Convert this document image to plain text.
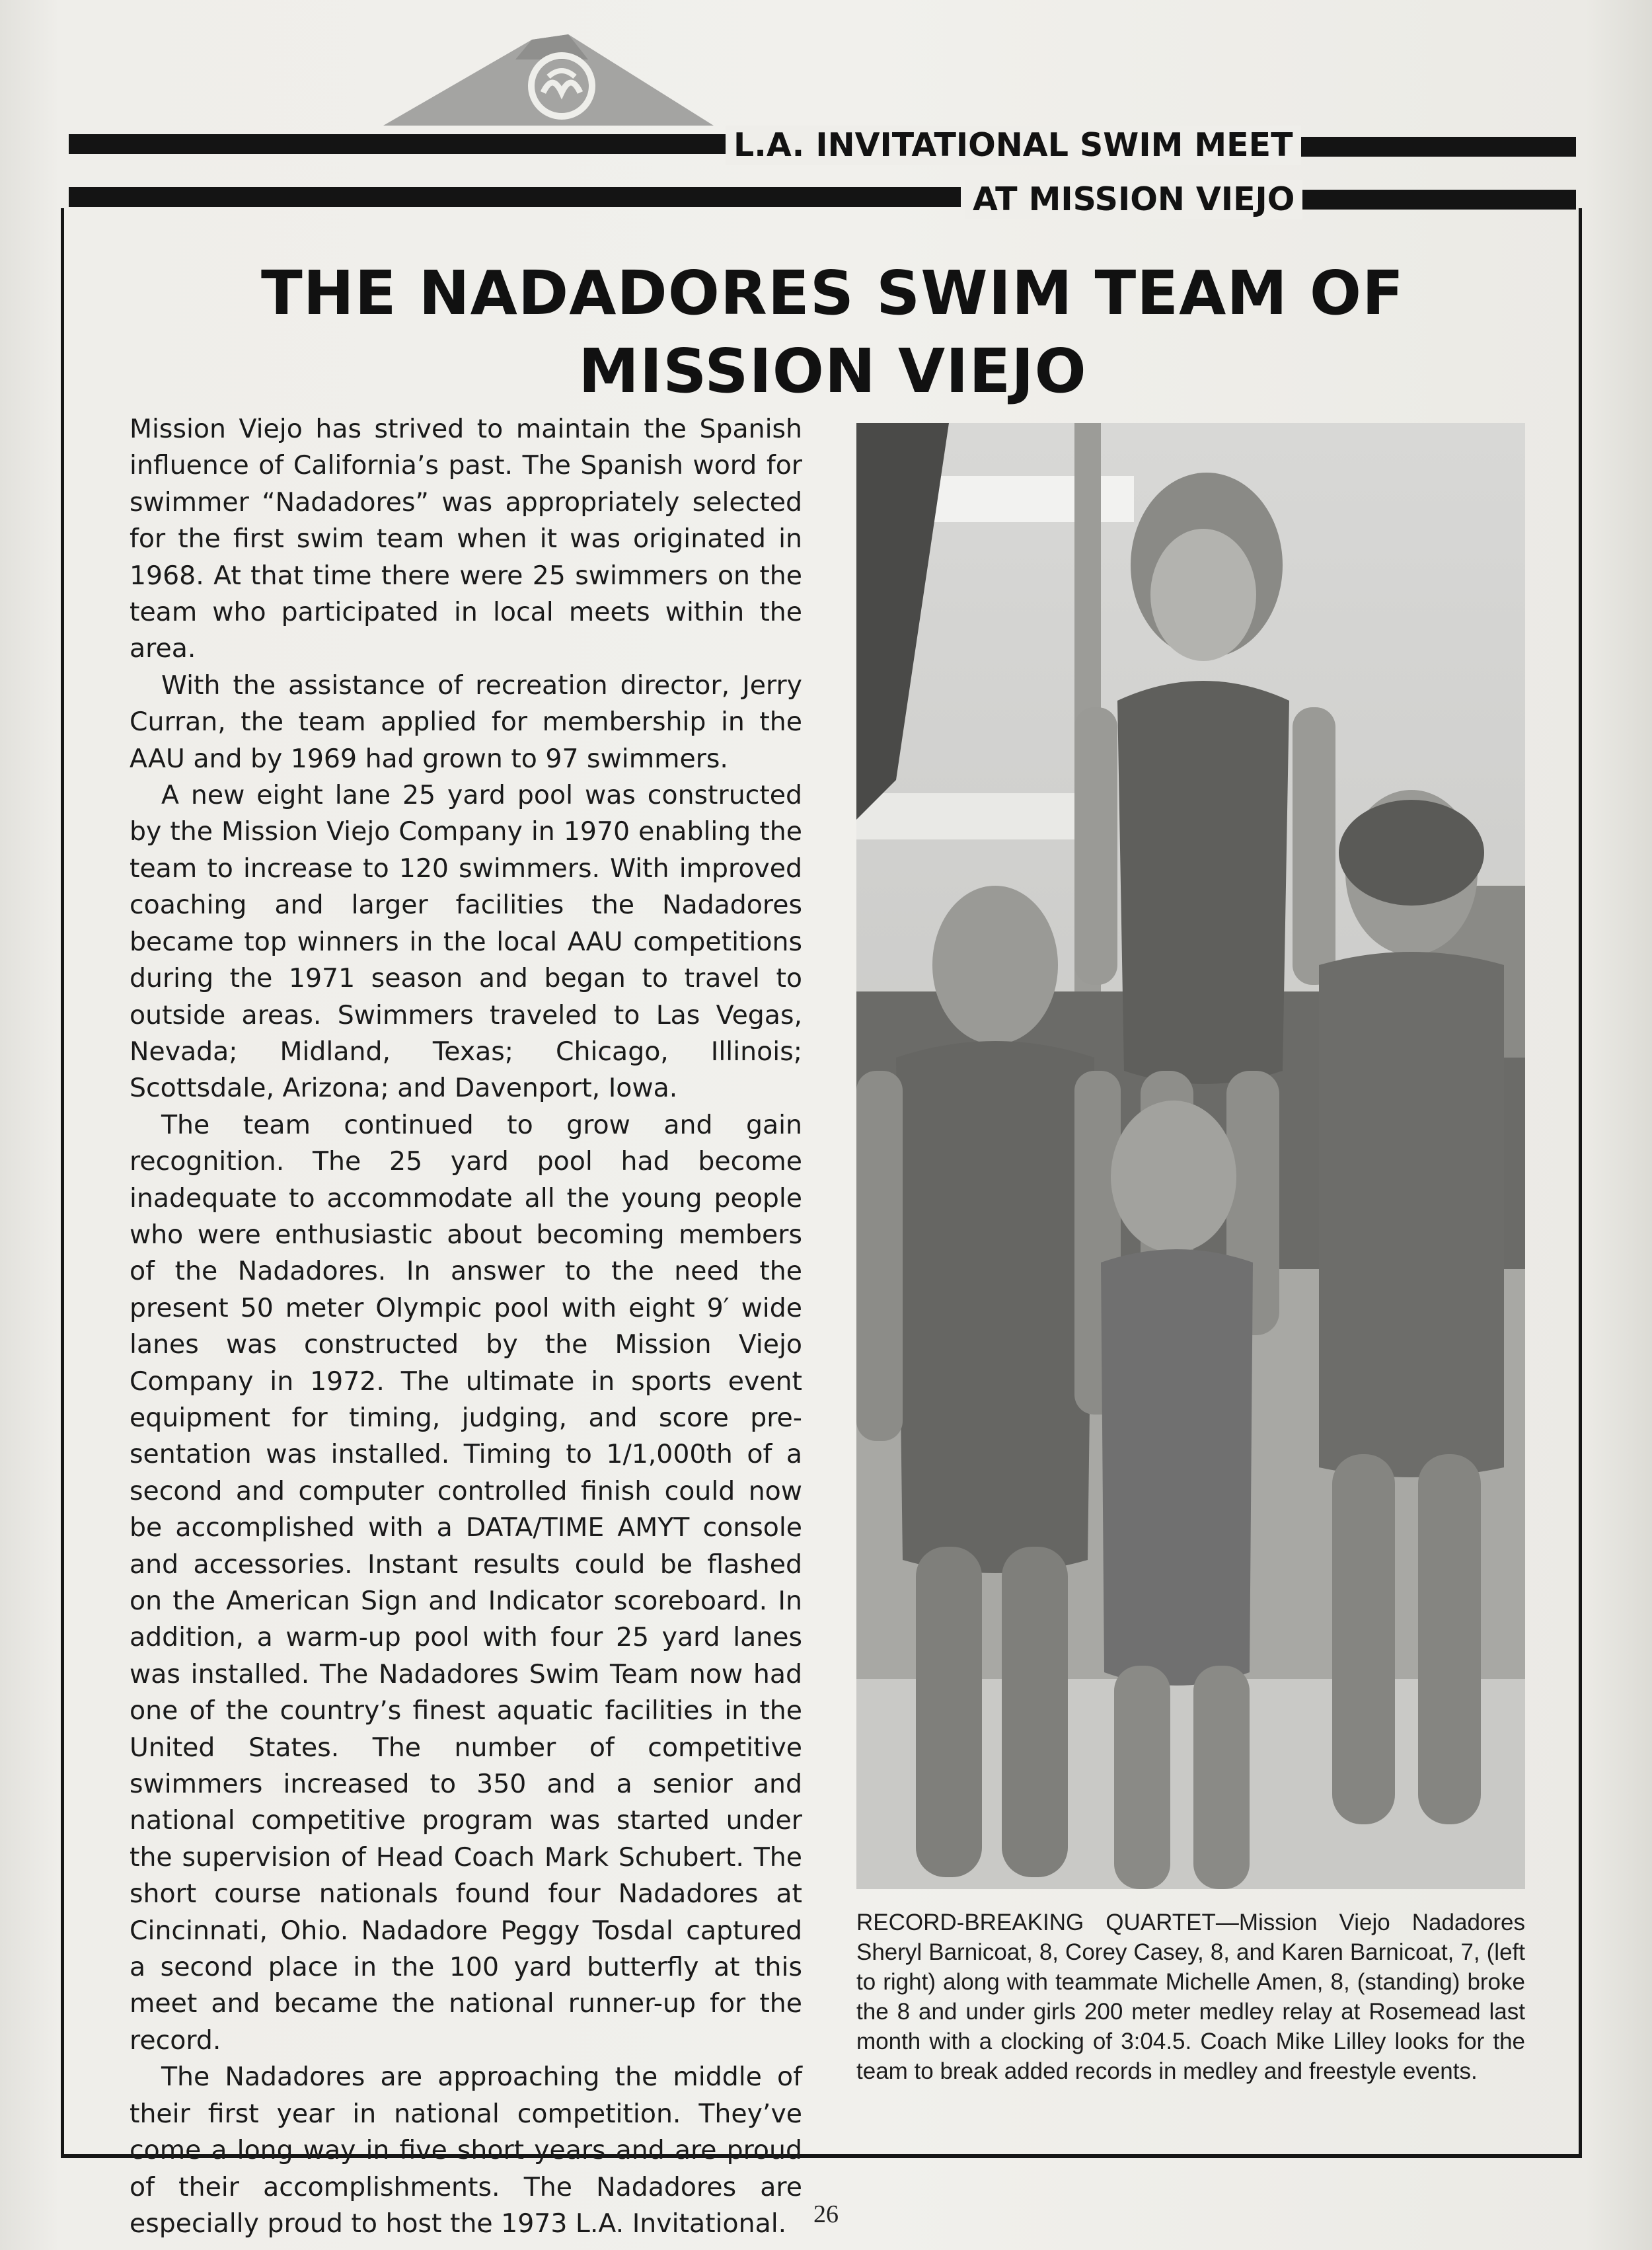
L.A. INVITATIONAL SWIM MEET
AT MISSION VIEJO
THE NADADORES SWIM TEAM OF
MISSION VIEJO

Mission Viejo has strived to maintain the Spanish influence of California’s past. The Spanish word for swimmer “Nadadores” was appropriately selected for the first swim team when it was originated in 1968. At that time there were 25 swimmers on the team who participated in local meets within the area.

With the assistance of recreation director, Jerry Curran, the team applied for membership in the AAU and by 1969 had grown to 97 swimmers.

A new eight lane 25 yard pool was constructed by the Mission Viejo Company in 1970 enabling the team to increase to 120 swimmers. With improved coaching and larger facilities the Nadadores became top winners in the local AAU competitions during the 1971 season and began to travel to outside areas. Swimmers traveled to Las Vegas, Nevada; Midland, Texas; Chicago, Illinois; Scottsdale, Arizona; and Davenport, Iowa.

The team continued to grow and gain recognition. The 25 yard pool had become inadequate to accommodate all the young people who were enthusiastic about becoming members of the Nadadores. In answer to the need the present 50 meter Olympic pool with eight 9′ wide lanes was constructed by the Mission Viejo Company in 1972. The ultimate in sports event equipment for timing, judging, and score presentation was installed. Timing to 1/1,000th of a second and computer controlled finish could now be accomplished with a DATA/TIME AMYT console and accessories. Instant results could be flashed on the American Sign and Indicator scoreboard. In addition, a warm-up pool with four 25 yard lanes was installed. The Nadadores Swim Team now had one of the country’s finest aquatic facilities in the United States. The number of competitive swimmers increased to 350 and a senior and national competitive program was started under the supervision of Head Coach Mark Schubert. The short course nationals found four Nadadores at Cincinnati, Ohio. Nadadore Peggy Tosdal captured a second place in the 100 yard butterfly at this meet and became the national runner-up for the record.

The Nadadores are approaching the middle of their first year in national competition. They’ve come a long way in five short years and are proud of their accomplishments. The Nadadores are especially proud to host the 1973 L.A. Invitational.

RECORD-BREAKING QUARTET—Mission Viejo Nadadores Sheryl Barnicoat, 8, Corey Casey, 8, and Karen Barnicoat, 7, (left to right) along with teammate Michelle Amen, 8, (standing) broke the 8 and under girls 200 meter medley relay at Rosemead last month with a clocking of 3:04.5. Coach Mike Lilley looks for the team to break added records in medley and freestyle events.
26
